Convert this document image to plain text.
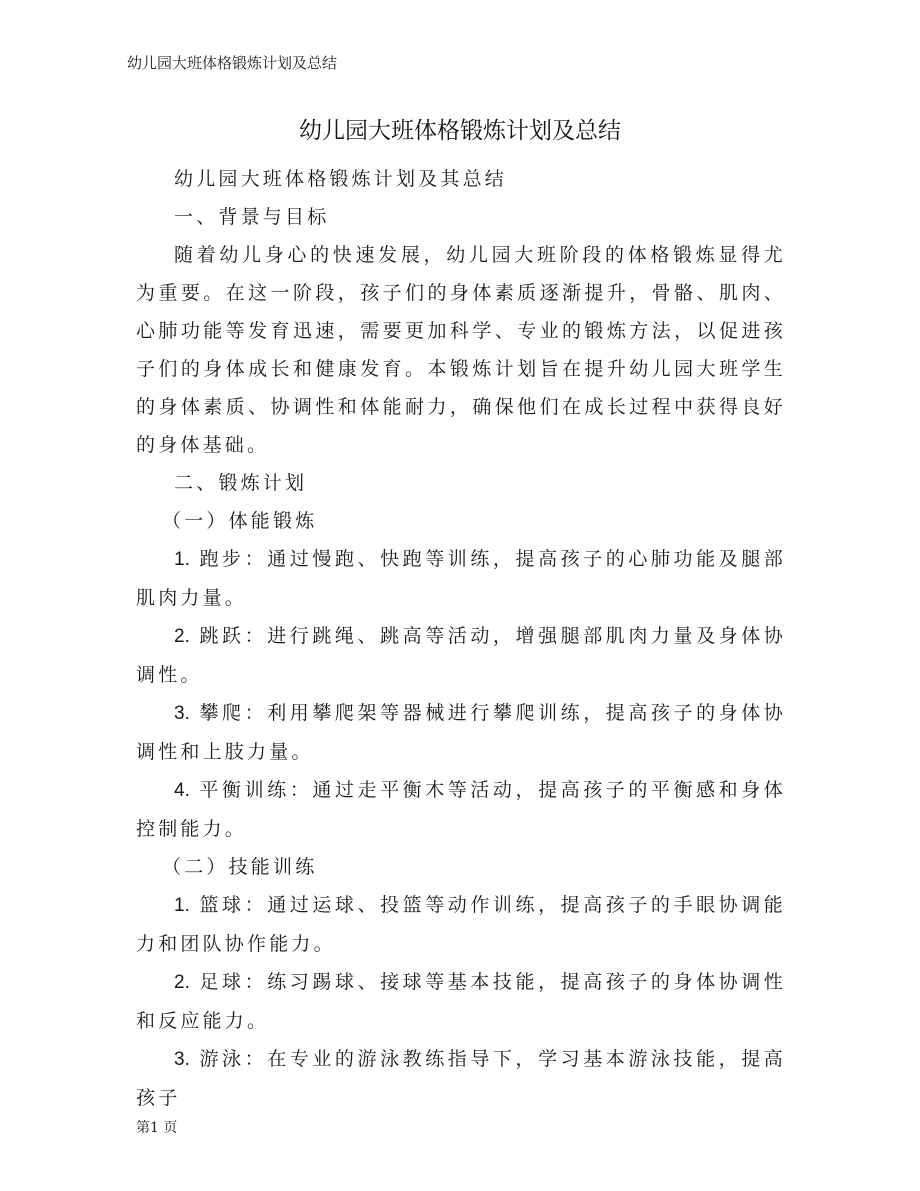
幼儿园大班体格锻炼计划及总结
幼儿园大班体格锻炼计划及总结

幼儿园大班体格锻炼计划及其总结

一、背景与目标

随着幼儿身心的快速发展，幼儿园大班阶段的体格锻炼显得尤为重要。在这一阶段，孩子们的身体素质逐渐提升，骨骼、肌肉、心肺功能等发育迅速，需要更加科学、专业的锻炼方法，以促进孩子们的身体成长和健康发育。本锻炼计划旨在提升幼儿园大班学生的身体素质、协调性和体能耐力，确保他们在成长过程中获得良好的身体基础。

二、锻炼计划

（一）体能锻炼

1. 跑步：通过慢跑、快跑等训练，提高孩子的心肺功能及腿部肌肉力量。

2. 跳跃：进行跳绳、跳高等活动，增强腿部肌肉力量及身体协调性。

3. 攀爬：利用攀爬架等器械进行攀爬训练，提高孩子的身体协调性和上肢力量。

4. 平衡训练：通过走平衡木等活动，提高孩子的平衡感和身体控制能力。

（二）技能训练

1. 篮球：通过运球、投篮等动作训练，提高孩子的手眼协调能力和团队协作能力。

2. 足球：练习踢球、接球等基本技能，提高孩子的身体协调性和反应能力。

3. 游泳：在专业的游泳教练指导下，学习基本游泳技能，提高孩子

第1 页
